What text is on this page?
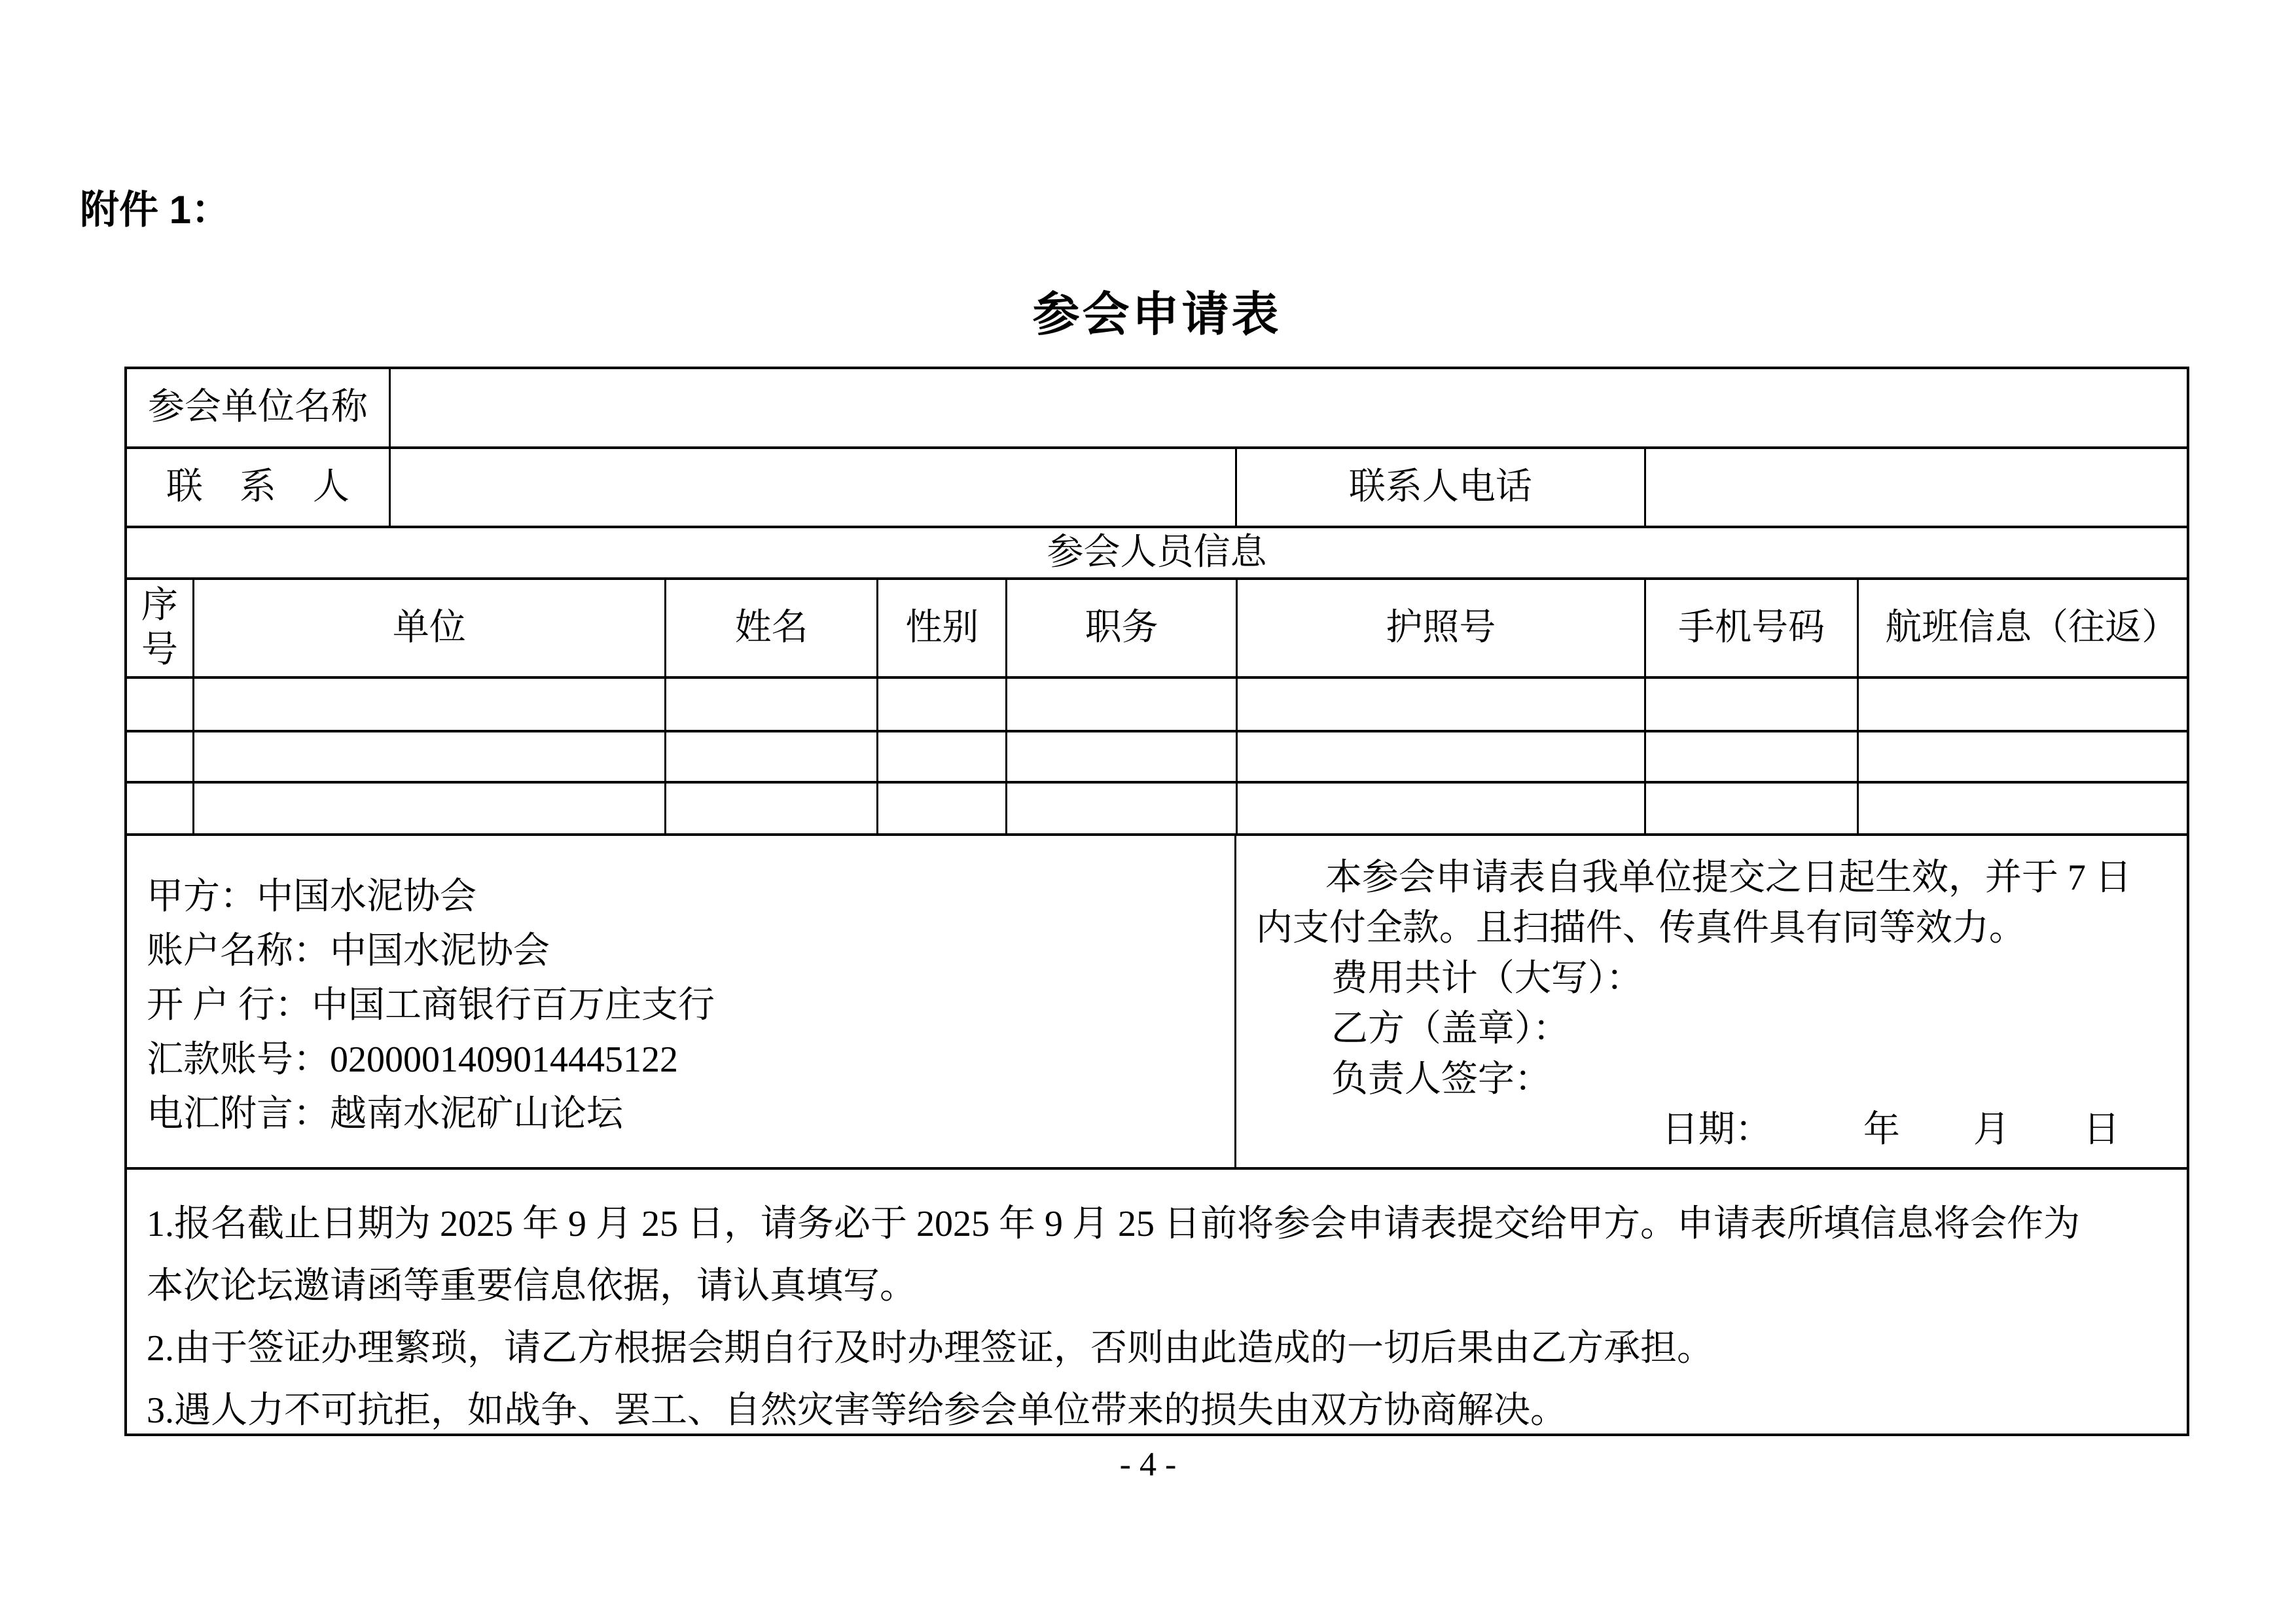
附件 1：
参会申请表
参会单位名称
联　系　人	联系人电话
参会人员信息
序号
单位	姓名	性别	职务	护照号	手机号码	航班信息（往返）
甲方：中国水泥协会
账户名称：中国水泥协会
开 户 行：中国工商银行百万庄支行
汇款账号：0200001409014445122
电汇附言：越南水泥矿山论坛
本参会申请表自我单位提交之日起生效，并于 7 日
内支付全款。且扫描件、传真件具有同等效力。
费用共计（大写）：
乙方（盖章）：
负责人签字：
日期：　　　年　　月　　日
1.报名截止日期为 2025 年 9 月 25 日，请务必于 2025 年 9 月 25 日前将参会申请表提交给甲方。申请表所填信息将会作为
本次论坛邀请函等重要信息依据，请认真填写。
2.由于签证办理繁琐，请乙方根据会期自行及时办理签证，否则由此造成的一切后果由乙方承担。
3.遇人力不可抗拒，如战争、罢工、自然灾害等给参会单位带来的损失由双方协商解决。
- 4 -
